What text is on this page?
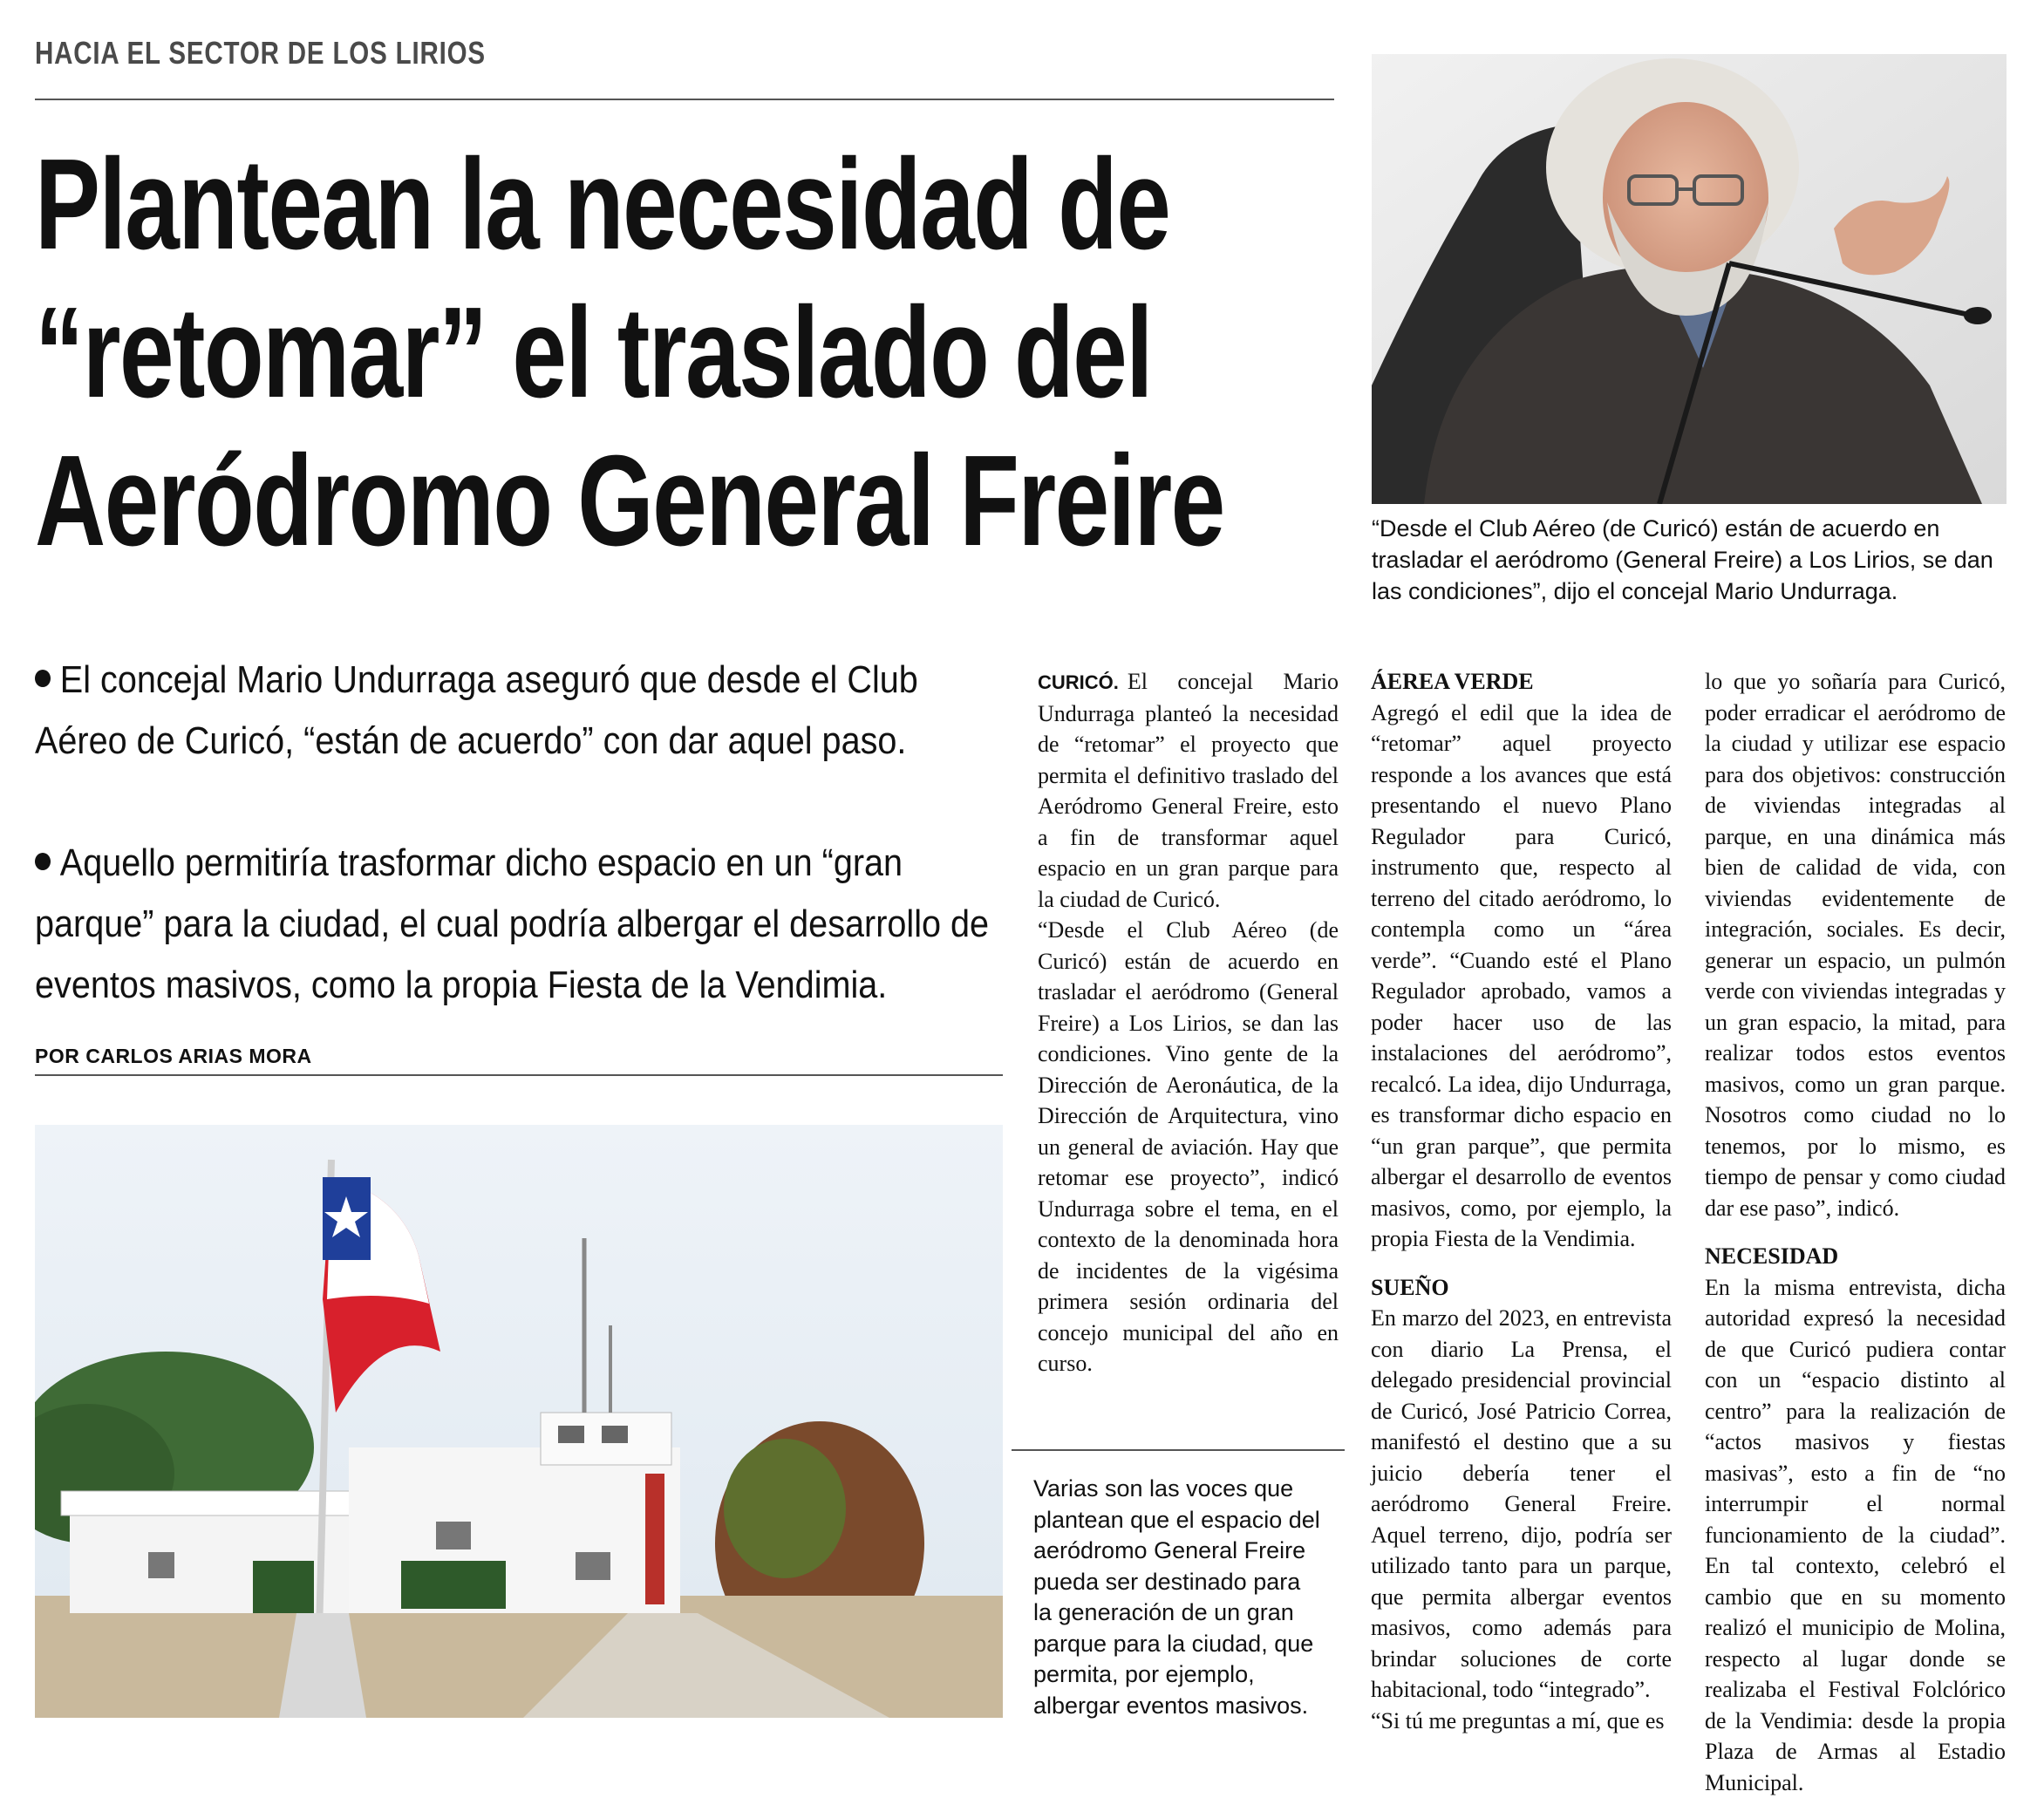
HACIA EL SECTOR DE LOS LIRIOS
Plantean la necesidad de
“retomar” el traslado del
Aeródromo General Freire	“Desde el Club Aéreo (de Curicó) están de acuerdo en trasladar el aeródromo (General Freire) a Los Lirios, se dan las condiciones”, dijo el concejal Mario Undurraga.

El concejal Mario Undurraga aseguró que desde el Club Aéreo de Curicó, “están de acuerdo” con dar aquel paso.

Aquello permitiría trasformar dicho espacio en un “gran parque” para la ciudad, el cual podría albergar el desarrollo de eventos masivos, como la propia Fiesta de la Vendimia.

POR CARLOS ARIAS MORA
Varias son las voces que plantean que el espacio del aeródromo General Freire pueda ser destinado para la generación de un gran parque para la ciudad, que permita, por ejemplo, albergar eventos masivos.

CURICÓ. El concejal Mario Undurraga planteó la necesidad de “retomar” el proyecto que permita el definitivo traslado del Aeródromo General Freire, esto a fin de transformar aquel espacio en un gran parque para la ciudad de Curicó.

“Desde el Club Aéreo (de Curicó) están de acuerdo en trasladar el aeródromo (General Freire) a Los Lirios, se dan las condiciones. Vino gente de la Dirección de Aeronáutica, de la Dirección de Arquitectura, vino un general de aviación. Hay que retomar ese proyecto”, indicó Undurraga sobre el tema, en el contexto de la denominada hora de incidentes de la vigésima primera sesión ordinaria del concejo municipal del año en curso.

ÁEREA VERDE

Agregó el edil que la idea de “retomar” aquel proyecto responde a los avances que está presentando el nuevo Plano Regulador para Curicó, instrumento que, respecto al terreno del citado aeródromo, lo contempla como un “área verde”. “Cuando esté el Plano Regulador aprobado, vamos a poder hacer uso de las instalaciones del aeródromo”, recalcó. La idea, dijo Undurraga, es transformar dicho espacio en “un gran parque”, que permita albergar el desarrollo de eventos masivos, como, por ejemplo, la propia Fiesta de la Vendimia.

SUEÑO

En marzo del 2023, en entrevista con diario La Prensa, el delegado presidencial provincial de Curicó, José Patricio Correa, manifestó el destino que a su juicio debería tener el aeródromo General Freire. Aquel terreno, dijo, podría ser utilizado tanto para un parque, que permita albergar eventos masivos, como además para brindar soluciones de corte habitacional, todo “integrado”.

“Si tú me preguntas a mí, que es

lo que yo soñaría para Curicó, poder erradicar el aeródromo de la ciudad y utilizar ese espacio para dos objetivos: construcción de viviendas integradas al parque, en una dinámica más bien de calidad de vida, con viviendas evidentemente de integración, sociales. Es decir, generar un espacio, un pulmón verde con viviendas integradas y un gran espacio, la mitad, para realizar todos estos eventos masivos, como un gran parque. Nosotros como ciudad no lo tenemos, por lo mismo, es tiempo de pensar y como ciudad dar ese paso”, indicó.

NECESIDAD

En la misma entrevista, dicha autoridad expresó la necesidad de que Curicó pudiera contar con un “espacio distinto al centro” para la realización de “actos masivos y fiestas masivas”, esto a fin de “no interrumpir el normal funcionamiento de la ciudad”. En tal contexto, celebró el cambio que en su momento realizó el municipio de Molina, respecto al lugar donde se realizaba el Festival Folclórico de la Vendimia: desde la propia Plaza de Armas al Estadio Municipal.
